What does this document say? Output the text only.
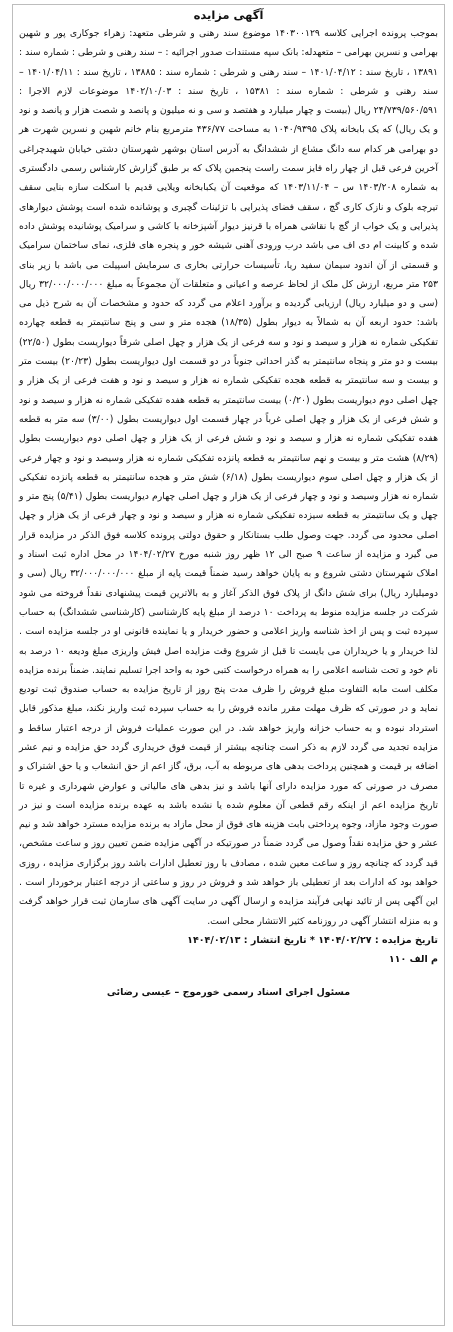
آگهی مزایده

بموجب پرونده اجرایی کلاسه ۱۴۰۳۰۰۱۲۹ موضوع سند رهنی و شرطی متعهد: زهراء جوکاری پور و شهین بهرامی و نسرین بهرامی – متعهدله: بانک سپه مستندات صدور اجرائیه : – سند رهنی و شرطی : شماره سند : ۱۳۸۹۱ ، تاریخ سند : ۱۴۰۱/۰۴/۱۲ – سند رهنی و شرطی : شماره سند : ۱۳۸۸۵ ، تاریخ سند : ۱۴۰۱/۰۴/۱۱ – سند رهنی و شرطی : شماره سند : ۱۵۳۸۱ ، تاریخ سند : ۱۴۰۲/۱۰/۰۳ موضوعات لازم الاجرا : ۲۴/۷۳۹/۵۶۰/۵۹۱ ریال (بیست و چهار میلیارد و هفتصد و سی و نه میلیون و پانصد و شصت هزار و پانصد و نود و یک ریال) که یک بابخانه پلاک ۱۰۴۰/۹۳۹۵ به مساحت ۴۳۶/۷۷ مترمربع بنام خانم شهین و نسرین شهرت هر دو بهرامی هر کدام سه دانگ مشاع از ششدانگ به آدرس استان بوشهر شهرستان دشتی خیابان شهیدچراغی آخرین فرعی قبل از چهار راه فایز سمت راست پنجمین پلاک که بر طبق گزارش کارشناس رسمی دادگستری به شماره ۱۴۰۳/۲۰۸ س – ۱۴۰۳/۱۱/۰۴ که موقعیت آن یکبابخانه ویلایی قدیم با اسکلت سازه بنایی سقف تیرچه بلوک و نازک کاری گچ ، سقف فضای پذیرایی با تزئینات گچبری و پوشانده شده است پوشش دیوارهای پذیرایی و یک خواب از گچ با نقاشی همراه با قرنیز دیوار آشپزخانه با کاشی و سرامیک پوشانیده پوشش داده شده و کابینت ام دی اف می باشد درب ورودی آهنی شیشه خور و پنجره های فلزی، نمای ساختمان سرامیک و قسمتی از آن اندود سیمان سفید ریا، تأسیسات حرارتی بخاری ی سرمایش اسپیلت می باشد با زیر بنای ۲۵۳ متر مربع، ارزش کل ملک از لحاظ عرصه و اعیانی و متعلقات آن مجموعاً به مبلغ ۳۲/۰۰۰/۰۰۰/۰۰۰ ریال (سی و دو میلیارد ریال) ارزیابی گردیده و برآورد اعلام می گردد که حدود و مشخصات آن به شرح ذیل می باشد: حدود اربعه آن به شمالاً به دیوار بطول (۱۸/۳۵) هجده متر و سی و پنج سانتیمتر به قطعه چهارده تفکیکی شماره نه هزار و سیصد و نود و سه فرعی از یک هزار و چهل اصلی شرقاً دیواریست بطول (۲۲/۵۰) بیست و دو متر و پنجاه سانتیمتر به گذر احداثی جنوباً در دو قسمت اول دیواریست بطول (۲۰/۲۳) بیست متر و بیست و سه سانتیمتر به قطعه هجده تفکیکی شماره نه هزار و سیصد و نود و هفت فرعی از یک هزار و چهل اصلی دوم دیواریست بطول (۰/۲۰) بیست سانتیمتر به قطعه هفده تفکیکی شماره نه هزار و سیصد و نود و شش فرعی از یک هزار و چهل اصلی غرباً در چهار قسمت اول دیواریست بطول (۳/۰۰) سه متر به قطعه هفده تفکیکی شماره نه هزار و سیصد و نود و شش فرعی از یک هزار و چهل اصلی دوم دیواریست بطول (۸/۲۹) هشت متر و بیست و نهم سانتیمتر به قطعه پانزده تفکیکی شماره نه هزار وسیصد و نود و چهار فرعی از یک هزار و چهل اصلی سوم دیواریست بطول (۶/۱۸) شش متر و هجده سانتیمتر به قطعه پانزده تفکیکی شماره نه هزار وسیصد و نود و چهار فرعی از یک هزار و چهل اصلی چهارم دیواریست بطول (۵/۴۱) پنج متر و چهل و یک سانتیمتر به قطعه سیزده تفکیکی شماره نه هزار و سیصد و نود و چهار فرعی از یک هزار و چهل اصلی محدود می گردد. جهت وصول طلب بستانکار و حقوق دولتی پرونده کلاسه فوق الذکر در مزایده قرار می گیرد و مزایده از ساعت ۹ صبح الی ۱۲ ظهر روز شنبه مورخ ۱۴۰۴/۰۲/۲۷ در محل اداره ثبت اسناد و املاک شهرستان دشتی شروع و به پایان خواهد رسید ضمناً قیمت پایه از مبلغ ۳۲/۰۰۰/۰۰۰/۰۰۰ ریال (سی و دومیلیارد ریال) برای شش دانگ از پلاک فوق الذکر آغاز و به بالاترین قیمت پیشنهادی نقداً فروخته می شود شرکت در جلسه مزایده منوط به پرداخت ۱۰ درصد از مبلغ پایه کارشناسی (کارشناسی ششدانگ) به حساب سپرده ثبت و پس از اخذ شناسه واریز اعلامی و حضور خریدار و یا نماینده قانونی او در جلسه مزایده است . لذا خریدار و یا خریداران می بایست تا قبل از شروع وقت مزایده اصل فیش واریزی مبلغ ودیعه ۱۰ درصد به نام خود و تحت شناسه اعلامی را به همراه درخواست کتبی خود به واحد اجرا تسلیم نمایند. ضمناً برنده مزایده مکلف است مابه التفاوت مبلغ فروش را ظرف مدت پنج روز از تاریخ مزایده به حساب صندوق ثبت تودیع نماید و در صورتی که ظرف مهلت مقرر مانده فروش را به حساب سپرده ثبت واریز نکند، مبلغ مذکور قابل استرداد نبوده و به حساب خزانه واریز خواهد شد. در این صورت عملیات فروش از درجه اعتبار ساقط و مزایده تجدید می گردد لازم به ذکر است چنانچه بیشتر از قیمت فوق خریداری گردد حق مزایده و نیم عشر اضافه بر قیمت و همچنین پرداخت بدهی های مربوطه به آب، برق، گاز اعم از حق انشعاب و یا حق اشتراک و مصرف در صورتی که مورد مزایده دارای آنها باشد و نیز بدهی های مالیاتی و عوارض شهرداری و غیره تا تاریخ مزایده اعم از اینکه رقم قطعی آن معلوم شده یا نشده باشد به عهده برنده مزایده است و نیز در صورت وجود مازاد، وجوه پرداختی بابت هزینه های فوق از محل مازاد به برنده مزایده مسترد خواهد شد و نیم عشر و حق مزایده نقداً وصول می گردد ضمناً در صورتیکه در آگهی مزایده ضمن تعیین روز و ساعت مشخص، قید گردد که چنانچه روز و ساعت معین شده ، مصادف با روز تعطیل ادارات باشد روز برگزاری مزایده ، روزی خواهد بود که ادارات بعد از تعطیلی باز خواهد شد و فروش در روز و ساعتی از درجه اعتبار برخوردار است . این آگهی پس از تائید نهایی فرآیند مزایده و ارسال آگهی در سایت آگهی های سازمان ثبت قرار خواهد گرفت و به منزله انتشار آگهی در روزنامه کثیر الانتشار محلی است.

تاریخ مزایده : ۱۴۰۴/۰۲/۲۷ * تاریخ انتشار : ۱۴۰۴/۰۲/۱۳

م الف ۱۱۰

مسئول اجرای اسناد رسمی خورموج – عیسی رضائی
